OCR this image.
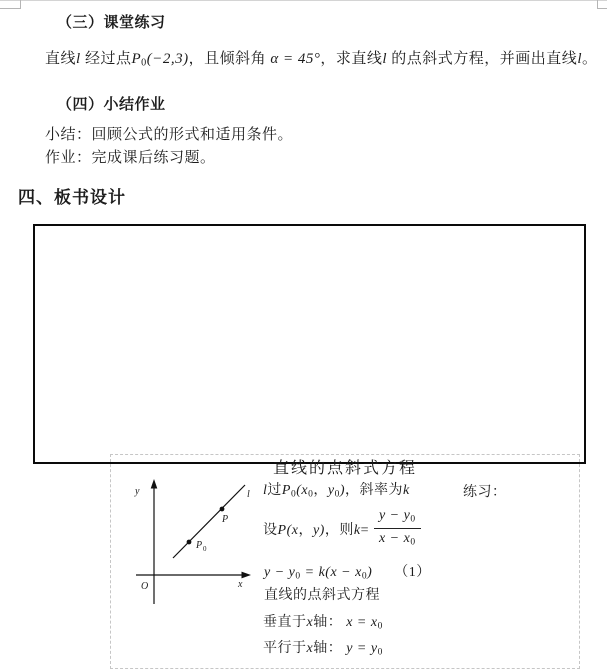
（三）课堂练习
直线l 经过点P0(−2,3)，且倾斜角 α = 45°，求直线l 的点斜式方程，并画出直线l。
（四）小结作业
小结：回顾公式的形式和适用条件。
作业：完成课后练习题。
四、板书设计
直线的点斜式方程
y
x
O
l
P
P 0
l过P0(x0，y0)，斜率为k	练习：
设P(x，y)，则$k= \frac{y - y0}{x - x0}$
y − y0 = k(x − x0)　　（1）
直线的点斜式方程
垂直于x轴： x = x0
平行于x轴： y = y0
